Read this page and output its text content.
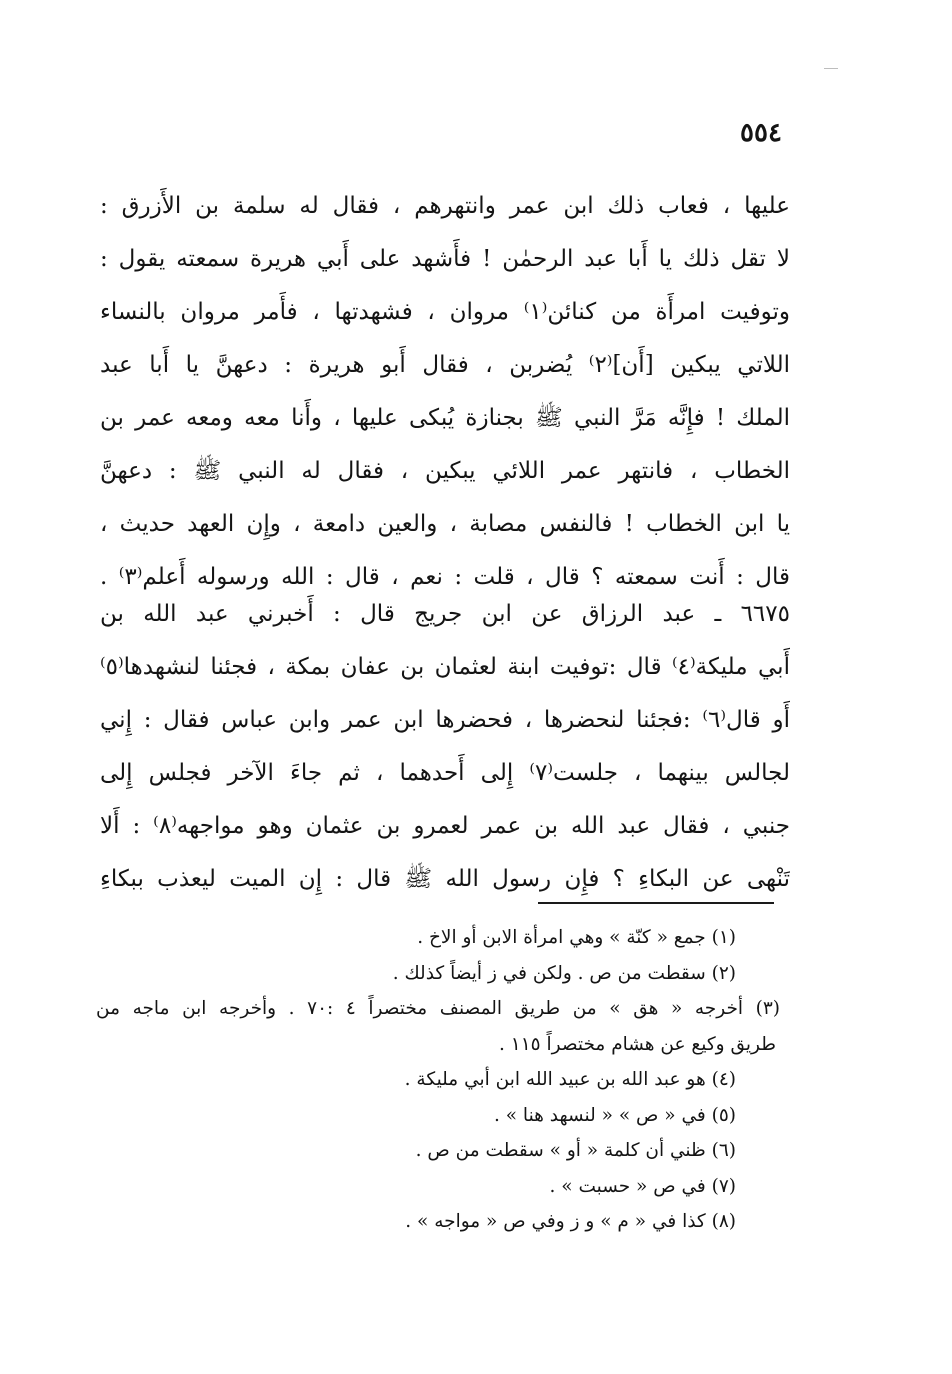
٥٥٤
عليها ، فعاب ذلك ابن عمر وانتهرهم ، فقال له سلمة بن الأَزرق :
لا تقل ذلك يا أَبا عبد الرحمٰن ! فأَشهد على أَبي هريرة سمعته يقول :
وتوفيت امرأَة من كنائن⁽١⁾ مروان ، فشهدتها ، فأَمر مروان بالنساء
اللاتي يبكين [أَن]⁽٢⁾ يُضربن ، فقال أَبو هريرة : دعهنَّ يا أَبا عبد
الملك ! فإِنَّه مَرَّ النبي ﷺ بجنازة يُبكى عليها ، وأَنا معه ومعه عمر بن
الخطاب ، فانتهر عمر اللائي يبكين ، فقال له النبي ﷺ : دعهنَّ
يا ابن الخطاب ! فالنفس مصابة ، والعين دامعة ، وإِن العهد حديث ،
قال : أَنت سمعته ؟ قال ، قلت : نعم ، قال : الله ورسوله أَعلم⁽٣⁾ .
٦٦٧٥ ـ عبد الرزاق عن ابن جريج قال : أَخبرني عبد الله بن
أَبي مليكة⁽٤⁾ قال :توفيت ابنة لعثمان بن عفان بمكة ، فجئنا لنشهدها⁽٥⁾
أَو قال⁽٦⁾ :فجئنا لنحضرها ، فحضرها ابن عمر وابن عباس فقال : إِني
لجالس بينهما ، جلست⁽٧⁾ إِلى أَحدهما ، ثم جاءَ الآخر فجلس إِلى
جنبي ، فقال عبد الله بن عمر لعمرو بن عثمان وهو مواجهه⁽٨⁾ : أَلا
تَنْهى عن البكاءِ ؟ فإِن رسول الله ﷺ قال : إِن الميت ليعذب ببكاءِ
(١) جمع « كنّة » وهي امرأة الابن أو الاخ .
(٢) سقطت من ص . ولكن في ز أيضاً كذلك .
(٣) أخرجه « هق » من طريق المصنف مختصراً ٤ :٧٠ . وأخرجه ابن ماجه من
طريق وكيع عن هشام مختصراً ١١٥ .
(٤) هو عبد الله بن عبيد الله ابن أبي مليكة .
(٥) في « ص » « لنسهد هنا » .
(٦) ظني أن كلمة « أو » سقطت من ص .
(٧) في ص « حسبت » .
(٨) كذا في « م » و ز وفي ص « مواجه » .
